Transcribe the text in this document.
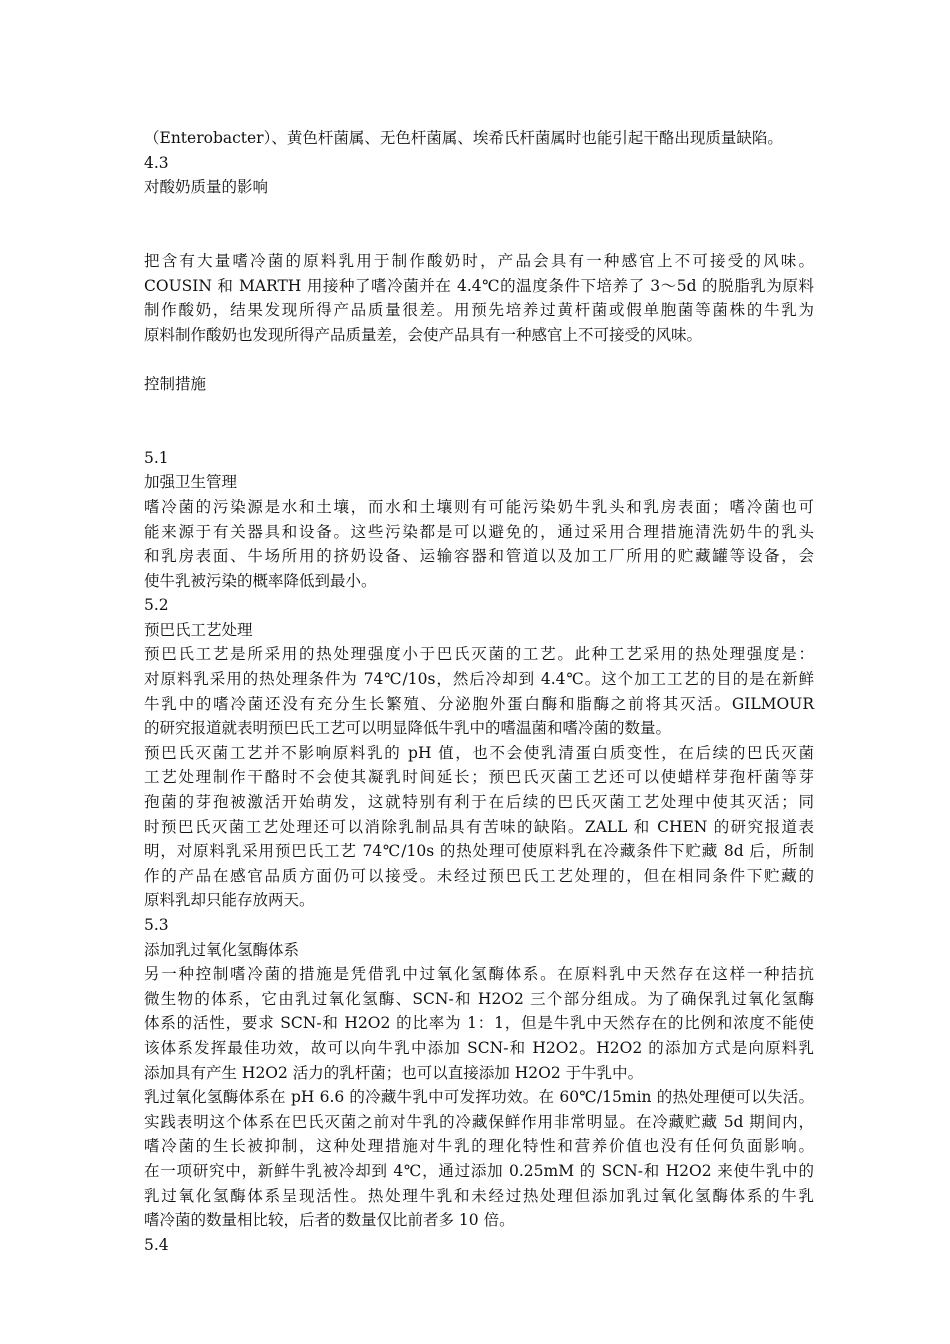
（Enterobacter）、黄色杆菌属、无色杆菌属、埃希氏杆菌属时也能引起干酪出现质量缺陷。
4.3
对酸奶质量的影响
把含有大量嗜冷菌的原料乳用于制作酸奶时，产品会具有一种感官上不可接受的风味。
COUSIN 和 MARTH 用接种了嗜冷菌并在 4.4℃的温度条件下培养了 3～5d 的脱脂乳为原料
制作酸奶，结果发现所得产品质量很差。用预先培养过黄杆菌或假单胞菌等菌株的牛乳为
原料制作酸奶也发现所得产品质量差，会使产品具有一种感官上不可接受的风味。
控制措施
5.1
加强卫生管理
嗜冷菌的污染源是水和土壤，而水和土壤则有可能污染奶牛乳头和乳房表面；嗜冷菌也可
能来源于有关器具和设备。这些污染都是可以避免的，通过采用合理措施清洗奶牛的乳头
和乳房表面、牛场所用的挤奶设备、运输容器和管道以及加工厂所用的贮藏罐等设备，会
使牛乳被污染的概率降低到最小。
5.2
预巴氏工艺处理
预巴氏工艺是所采用的热处理强度小于巴氏灭菌的工艺。此种工艺采用的热处理强度是：
对原料乳采用的热处理条件为 74℃/10s，然后冷却到 4.4℃。这个加工工艺的目的是在新鲜
牛乳中的嗜冷菌还没有充分生长繁殖、分泌胞外蛋白酶和脂酶之前将其灭活。GILMOUR
的研究报道就表明预巴氏工艺可以明显降低牛乳中的嗜温菌和嗜冷菌的数量。
预巴氏灭菌工艺并不影响原料乳的 pH 值，也不会使乳清蛋白质变性，在后续的巴氏灭菌
工艺处理制作干酪时不会使其凝乳时间延长；预巴氏灭菌工艺还可以使蜡样芽孢杆菌等芽
孢菌的芽孢被激活开始萌发，这就特别有利于在后续的巴氏灭菌工艺处理中使其灭活；同
时预巴氏灭菌工艺处理还可以消除乳制品具有苦味的缺陷。ZALL 和 CHEN 的研究报道表
明，对原料乳采用预巴氏工艺 74℃/10s 的热处理可使原料乳在冷藏条件下贮藏 8d 后，所制
作的产品在感官品质方面仍可以接受。未经过预巴氏工艺处理的，但在相同条件下贮藏的
原料乳却只能存放两天。
5.3
添加乳过氧化氢酶体系
另一种控制嗜冷菌的措施是凭借乳中过氧化氢酶体系。在原料乳中天然存在这样一种拮抗
微生物的体系，它由乳过氧化氢酶、SCN-和 H2O2 三个部分组成。为了确保乳过氧化氢酶
体系的活性，要求 SCN-和 H2O2 的比率为 1：1，但是牛乳中天然存在的比例和浓度不能使
该体系发挥最佳功效，故可以向牛乳中添加 SCN-和 H2O2。H2O2 的添加方式是向原料乳
添加具有产生 H2O2 活力的乳杆菌；也可以直接添加 H2O2 于牛乳中。
乳过氧化氢酶体系在 pH 6.6 的冷藏牛乳中可发挥功效。在 60℃/15min 的热处理便可以失活。
实践表明这个体系在巴氏灭菌之前对牛乳的冷藏保鲜作用非常明显。在冷藏贮藏 5d 期间内，
嗜冷菌的生长被抑制，这种处理措施对牛乳的理化特性和营养价值也没有任何负面影响。
在一项研究中，新鲜牛乳被冷却到 4℃，通过添加 0.25mM 的 SCN-和 H2O2 来使牛乳中的
乳过氧化氢酶体系呈现活性。热处理牛乳和未经过热处理但添加乳过氧化氢酶体系的牛乳
嗜冷菌的数量相比较，后者的数量仅比前者多 10 倍。
5.4
